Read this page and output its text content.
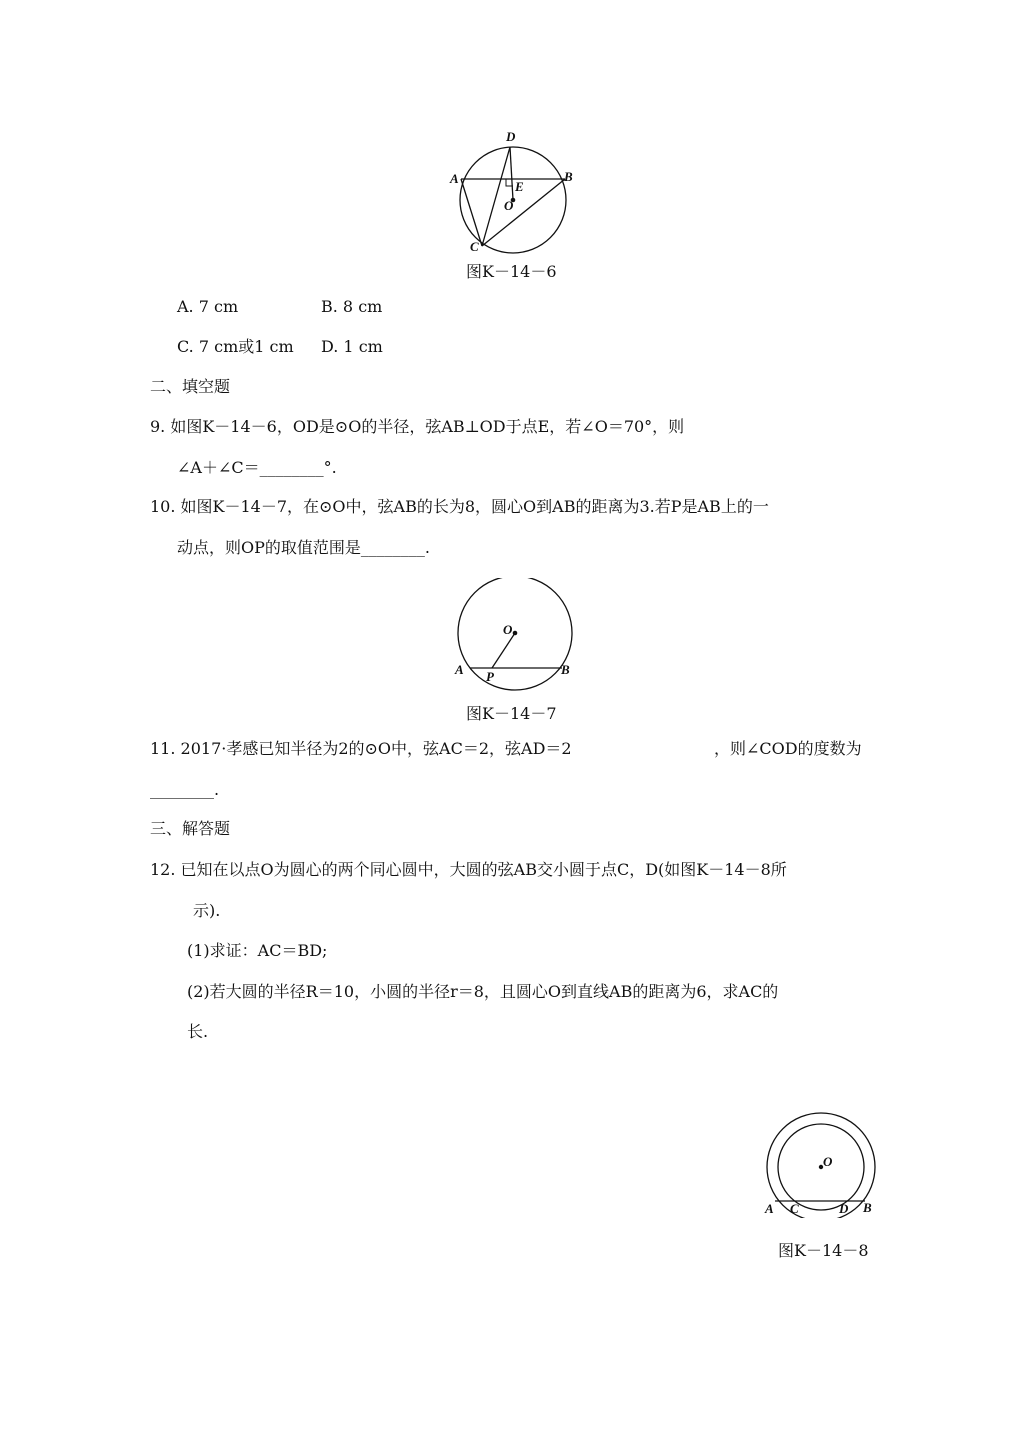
D
A	B
E
O
C
图K－14－6
A. 7 cm	B. 8 cm
C. 7 cm或1 cm D. 1 cm
二、填空题
9. 如图K－14－6，OD是⊙O的半径，弦AB⊥OD于点E，若∠O＝70°，则
∠A＋∠C＝________°.
10. 如图K－14－7，在⊙O中，弦AB的长为8，圆心O到AB的距离为3.若P是AB上的一
动点，则OP的取值范围是________.
O
A P	B
图K－14－7
11. 2017·孝感已知半径为2的⊙O中，弦AC＝2，弦AD＝2	，则∠COD的度数为
________.
三、解答题
12. 已知在以点O为圆心的两个同心圆中，大圆的弦AB交小圆于点C，D(如图K－14－8所
示).
(1)求证：AC＝BD;
(2)若大圆的半径R＝10，小圆的半径r＝8，且圆心O到直线AB的距离为6，求AC的
长.
O
A C	D B
图K－14－8
